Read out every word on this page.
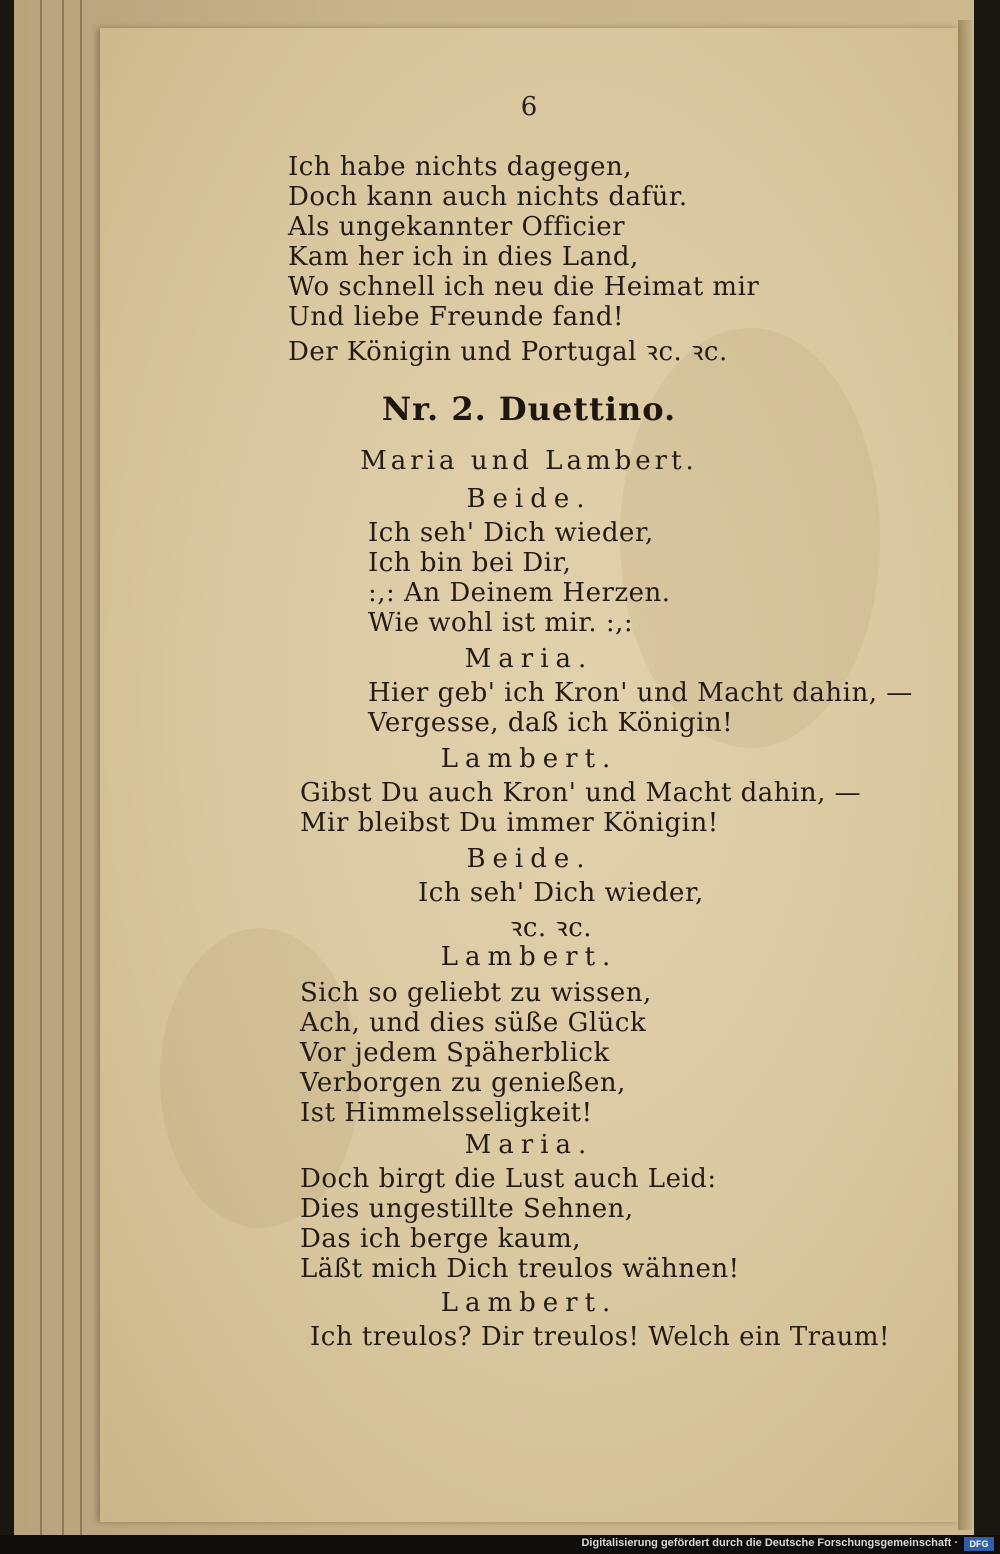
6
Ich habe nichts dagegen,
Doch kann auch nichts dafür.
Als ungekannter Officier
Kam her ich in dies Land,
Wo schnell ich neu die Heimat mir
Und liebe Freunde fand!
Der Königin und Portugal ꝛc. ꝛc.
Nr. 2. Duettino.
Maria und Lambert.
Beide.
Ich seh' Dich wieder,
Ich bin bei Dir,
:,: An Deinem Herzen.
Wie wohl ist mir. :,:
Maria.
Hier geb' ich Kron' und Macht dahin, —
Vergesse, daß ich Königin!
Lambert.
Gibst Du auch Kron' und Macht dahin, —
Mir bleibst Du immer Königin!
Beide.
Ich seh' Dich wieder,
ꝛc. ꝛc.
Lambert.
Sich so geliebt zu wissen,
Ach, und dies süße Glück
Vor jedem Späherblick
Verborgen zu genießen,
Ist Himmelsseligkeit!
Maria.
Doch birgt die Lust auch Leid:
Dies ungestillte Sehnen,
Das ich berge kaum,
Läßt mich Dich treulos wähnen!
Lambert.
Ich treulos? Dir treulos! Welch ein Traum!
Digitalisierung gefördert durch die Deutsche Forschungsgemeinschaft ·	DFG
